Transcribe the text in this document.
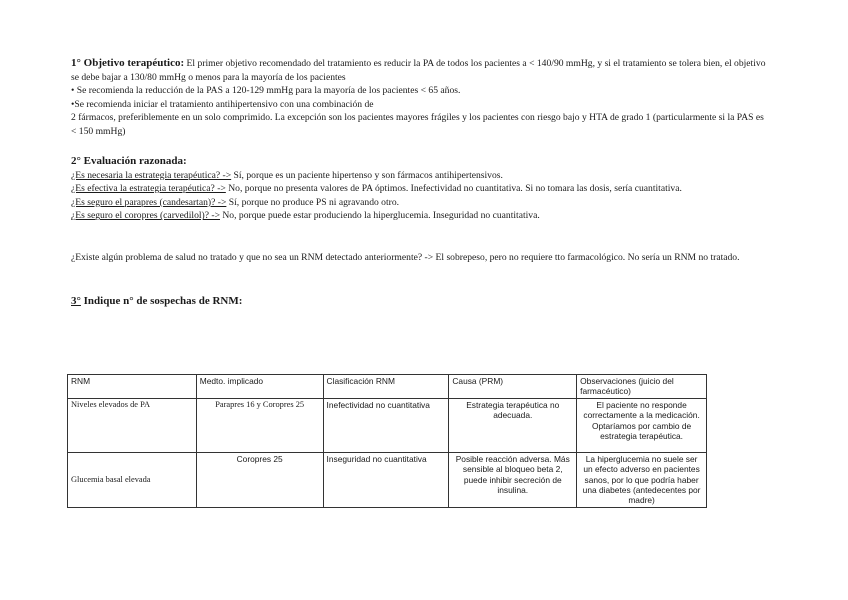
1° Objetivo terapéutico: El primer objetivo recomendado del tratamiento es reducir la PA de todos los pacientes a < 140/90 mmHg, y si el tratamiento se tolera bien, el objetivo se debe bajar a 130/80 mmHg o menos para la mayoría de los pacientes

• Se recomienda la reducción de la PAS a 120-129 mmHg para la mayoría de los pacientes < 65 años.

•Se recomienda iniciar el tratamiento antihipertensivo con una combinación de

2 fármacos, preferiblemente en un solo comprimido. La excepción son los pacientes mayores frágiles y los pacientes con riesgo bajo y HTA de grado 1 (particularmente si la PAS es < 150 mmHg)

2° Evaluación razonada:

¿Es necesaria la estrategia terapéutica? -> Sí, porque es un paciente hipertenso y son fármacos antihipertensivos.

¿Es efectiva la estrategia terapéutica? -> No, porque no presenta valores de PA óptimos. Inefectividad no cuantitativa. Si no tomara las dosis, sería cuantitativa.

¿Es seguro el parapres (candesartan)? -> Sí, porque no produce PS ni agravando otro.

¿Es seguro el coropres (carvedilol)? -> No, porque puede estar produciendo la hiperglucemia. Inseguridad no cuantitativa.

¿Existe algún problema de salud no tratado y que no sea un RNM detectado anteriormente? -> El sobrepeso, pero no requiere tto farmacológico. No sería un RNM no tratado.

3° Indique n° de sospechas de RNM:

RNM	Medto. implicado	Clasificación RNM	Causa (PRM)	Observaciones (juicio del farmacéutico)
Niveles elevados de PA	Parapres 16 y Coropres 25	Inefectividad no cuantitativa	Estrategia terapéutica no adecuada.	El paciente no responde correctamente a la medicación. Optaríamos por cambio de estrategia terapéutica.
Glucemia basal elevada	Coropres 25	Inseguridad no cuantitativa	Posible reacción adversa. Más sensible al bloqueo beta 2, puede inhibir secreción de insulina.	La hiperglucemia no suele ser un efecto adverso en pacientes sanos, por lo que podría haber una diabetes (antedecentes por madre)
